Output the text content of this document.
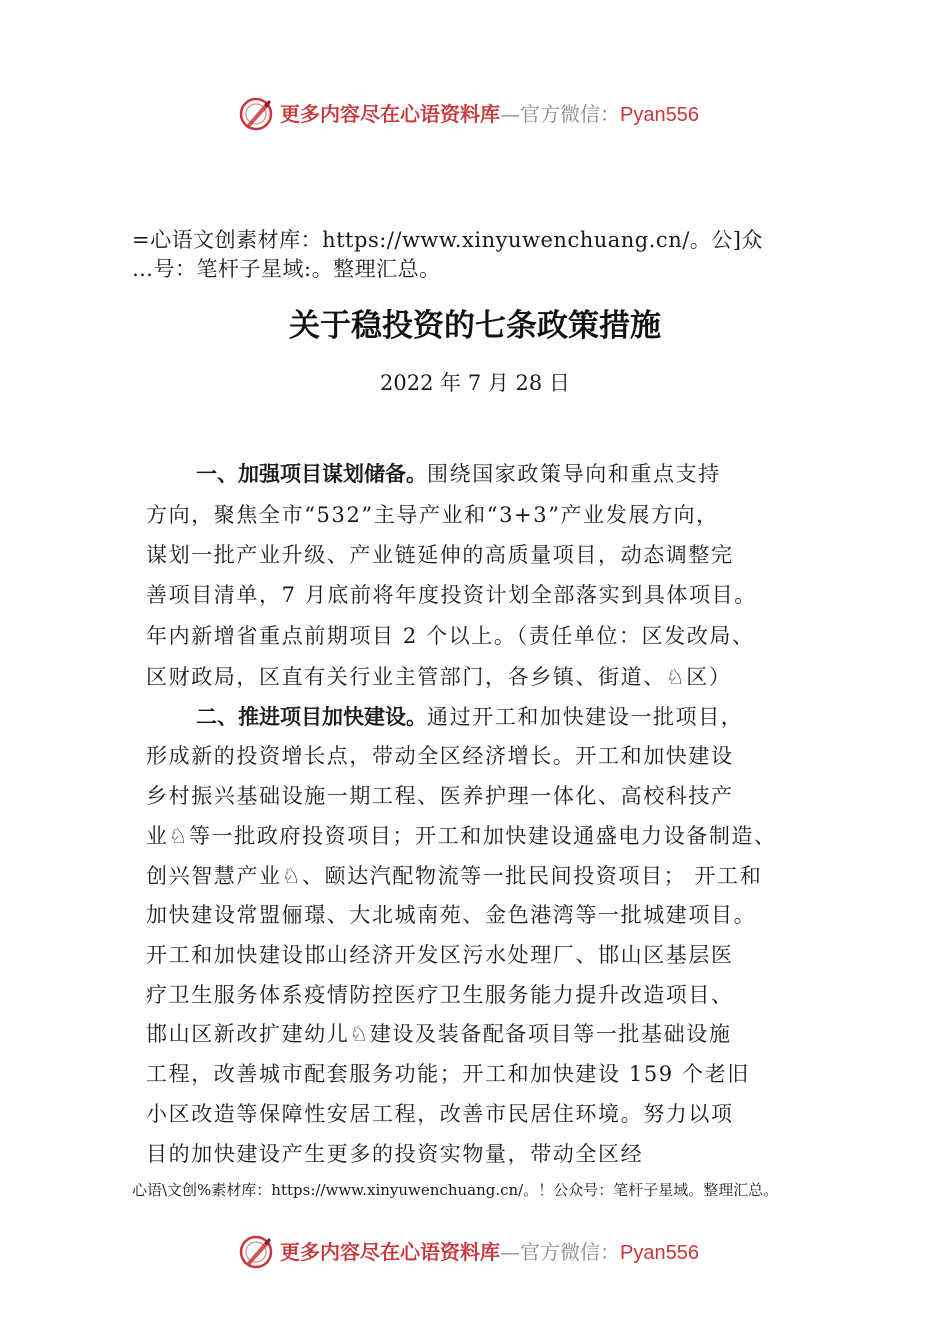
更多内容尽在心语资料库—官方微信：Pyan556
=心语文创素材库：https://www.xinyuwenchuang.cn/。公]众
…号：笔杆子星域:。整理汇总。
关于稳投资的七条政策措施
2022 年 7 月 28 日
一、加强项目谋划储备。围绕国家政策导向和重点支持
方向，聚焦全市“532”主导产业和“3+3”产业发展方向，
谋划一批产业升级、产业链延伸的高质量项目，动态调整完
善项目清单，7 月底前将年度投资计划全部落实到具体项目。
年内新增省重点前期项目 2 个以上。（责任单位：区发改局、
区财政局，区直有关行业主管部门，各乡镇、街道、♘区）
二、推进项目加快建设。通过开工和加快建设一批项目，
形成新的投资增长点，带动全区经济增长。开工和加快建设
乡村振兴基础设施一期工程、医养护理一体化、高校科技产
业♘等一批政府投资项目；开工和加快建设通盛电力设备制造、
创兴智慧产业♘、颐达汽配物流等一批民间投资项目； 开工和
加快建设常盟俪璟、大北城南苑、金色港湾等一批城建项目。
开工和加快建设邯山经济开发区污水处理厂、邯山区基层医
疗卫生服务体系疫情防控医疗卫生服务能力提升改造项目、
邯山区新改扩建幼儿♘建设及装备配备项目等一批基础设施
工程，改善城市配套服务功能；开工和加快建设 159 个老旧
小区改造等保障性安居工程，改善市民居住环境。努力以项
目的加快建设产生更多的投资实物量，带动全区经
心语\文创%素材库：https://www.xinyuwenchuang.cn/。！公众号：笔杆子星域。整理汇总。
更多内容尽在心语资料库—官方微信：Pyan556
